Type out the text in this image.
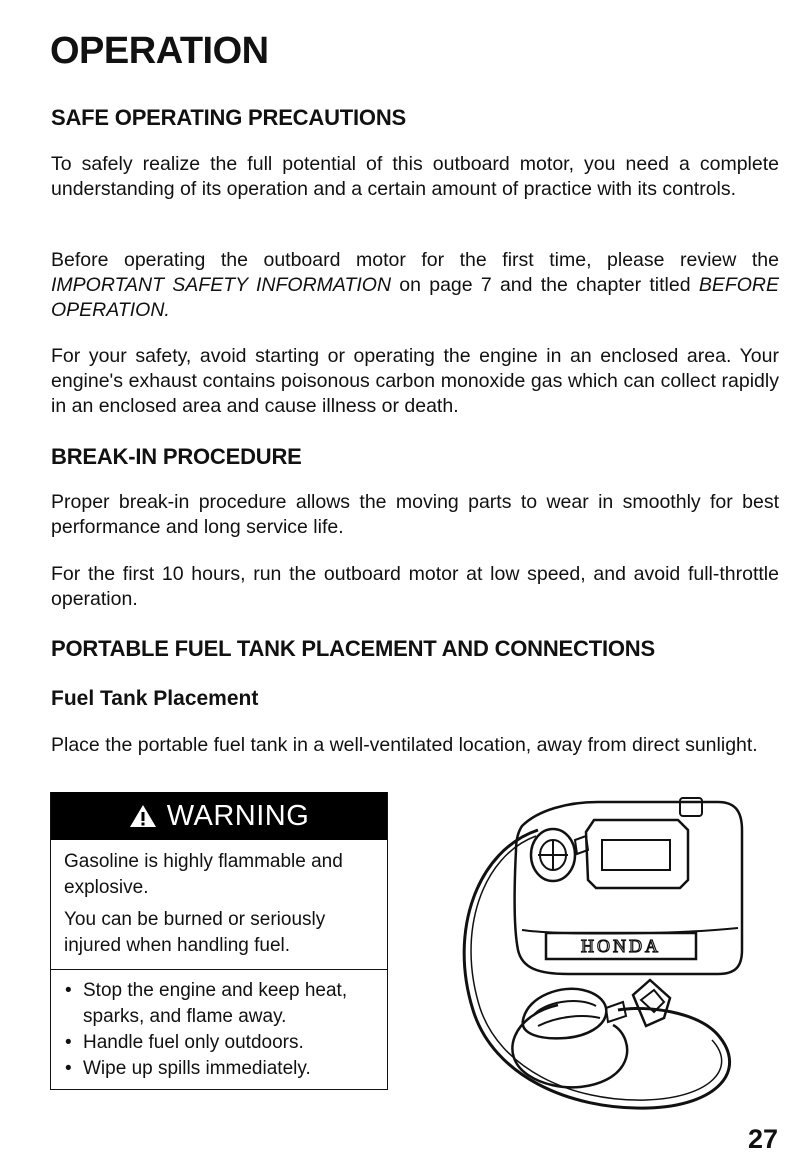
OPERATION
SAFE OPERATING PRECAUTIONS

To safely realize the full potential of this outboard motor, you need a complete understanding of its operation and a certain amount of practice with its controls.

Before operating the outboard motor for the first time, please review the IMPORTANT SAFETY INFORMATION on page 7 and the chapter titled BEFORE OPERATION.

For your safety, avoid starting or operating the engine in an enclosed area. Your engine's exhaust contains poisonous carbon monoxide gas which can collect rapidly in an enclosed area and cause illness or death.

BREAK-IN PROCEDURE

Proper break-in procedure allows the moving parts to wear in smoothly for best performance and long service life.

For the first 10 hours, run the outboard motor at low speed, and avoid full-throttle operation.

PORTABLE FUEL TANK PLACEMENT AND CONNECTIONS
Fuel Tank Placement

Place the portable fuel tank in a well-ventilated location, away from direct sunlight.

WARNING

Gasoline is highly flammable and explosive.

You can be burned or seriously injured when handling fuel.

• Stop the engine and keep heat, sparks, and flame away.
• Handle fuel only outdoors.
• Wipe up spills immediately.
HONDA

27
